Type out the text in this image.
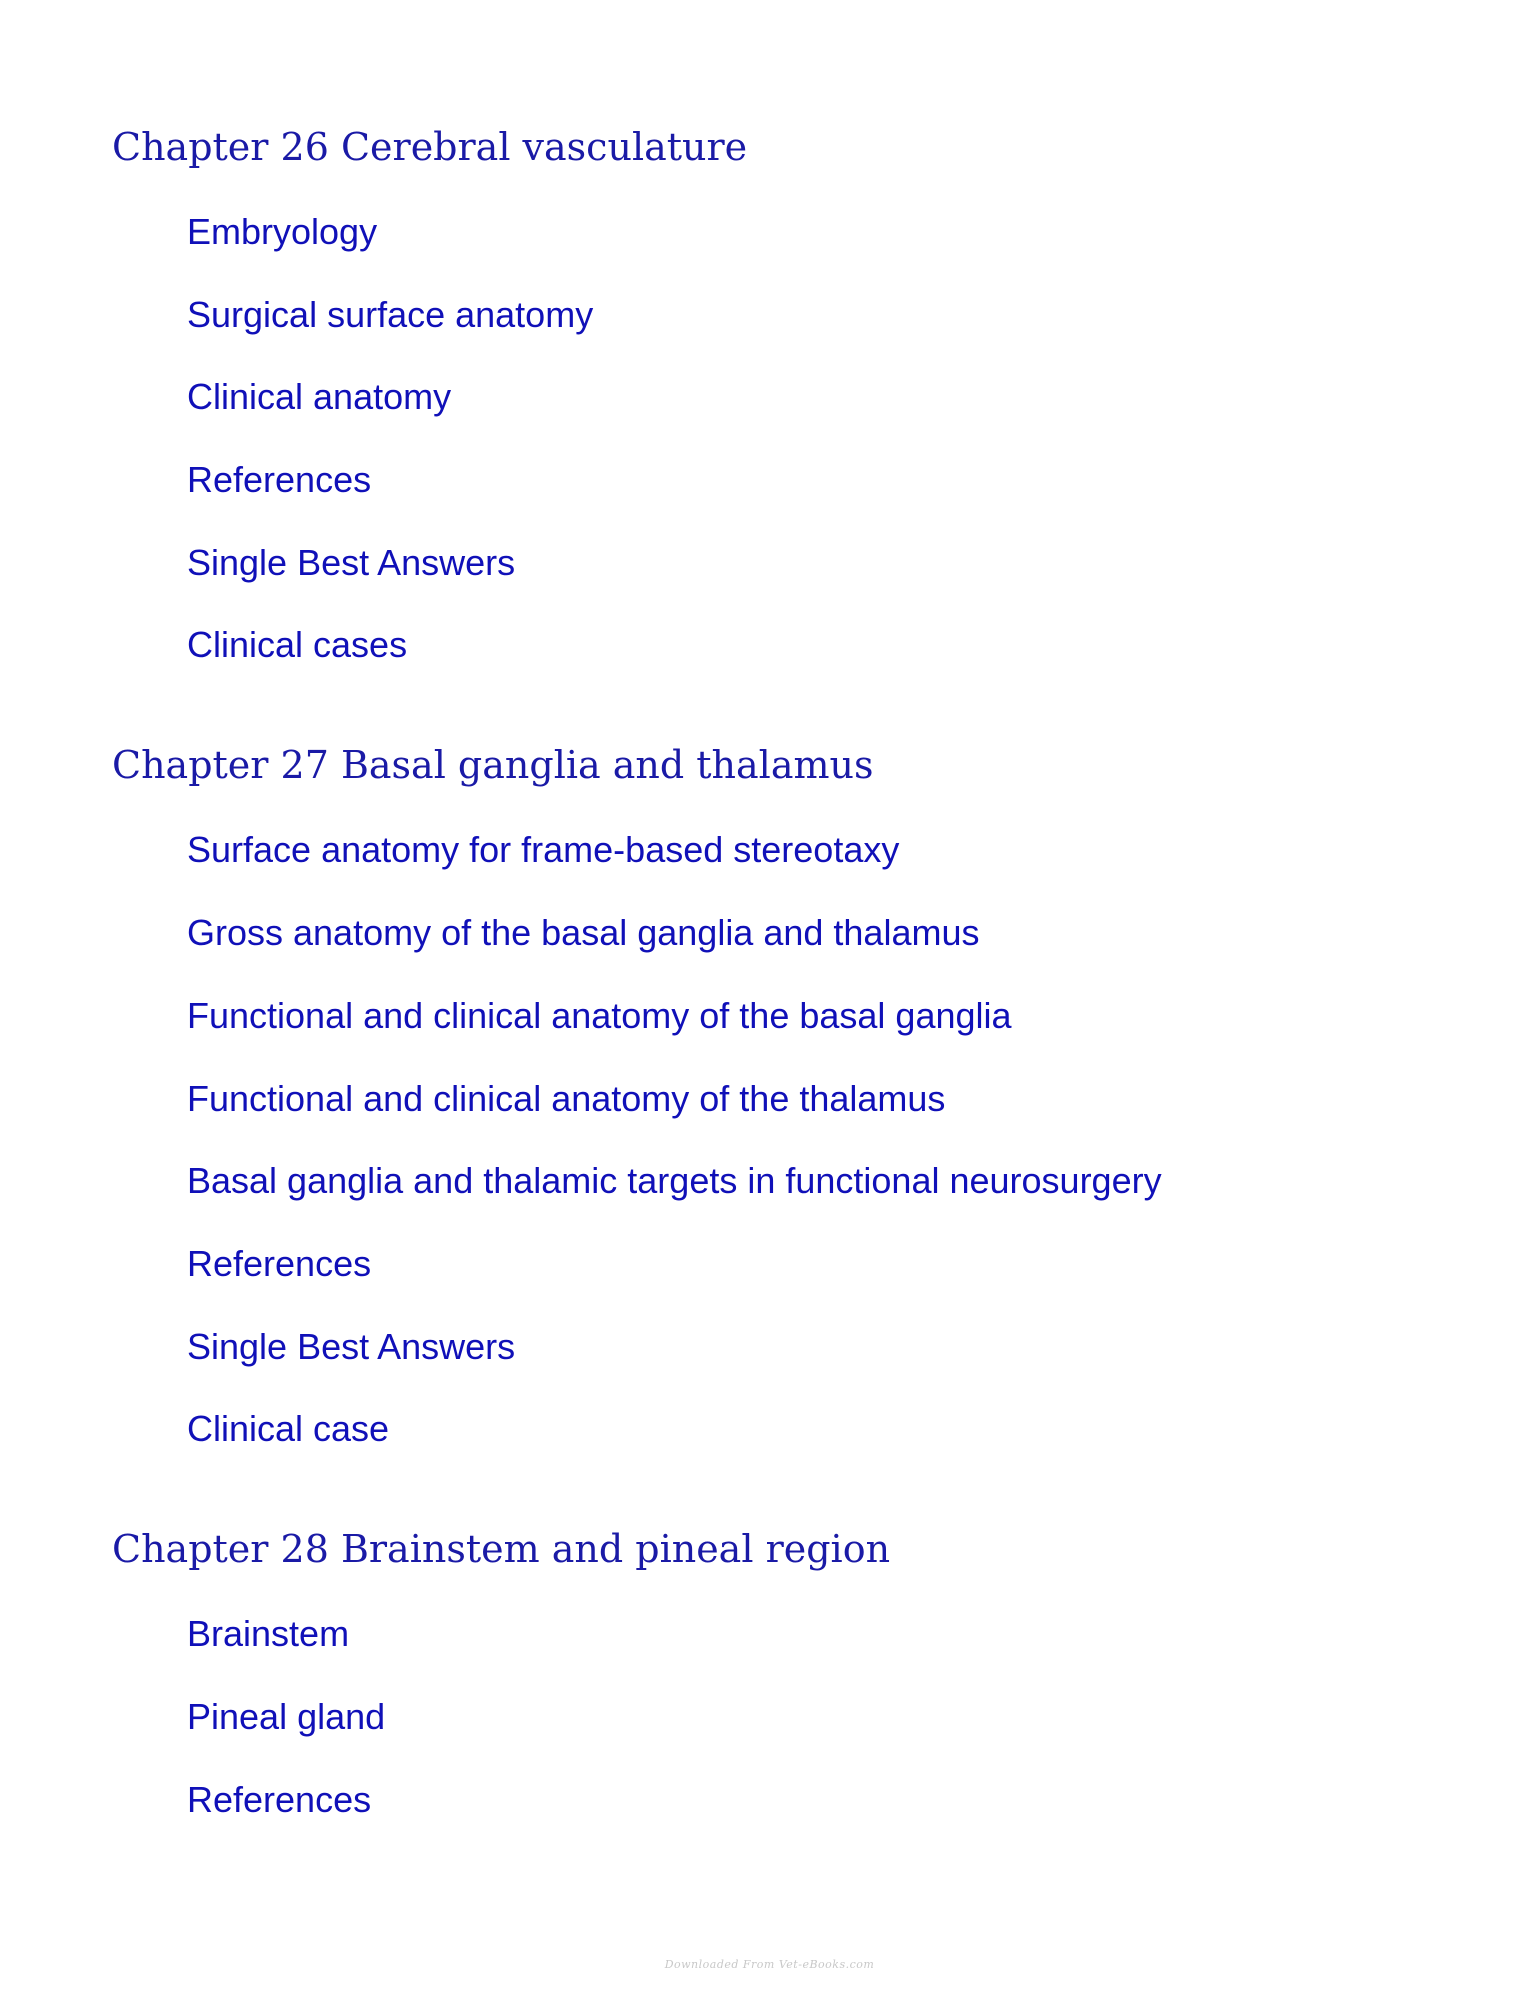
Chapter 26 Cerebral vasculature
Embryology
Surgical surface anatomy
Clinical anatomy
References
Single Best Answers
Clinical cases
Chapter 27 Basal ganglia and thalamus
Surface anatomy for frame-based stereotaxy
Gross anatomy of the basal ganglia and thalamus
Functional and clinical anatomy of the basal ganglia
Functional and clinical anatomy of the thalamus
Basal ganglia and thalamic targets in functional neurosurgery
References
Single Best Answers
Clinical case
Chapter 28 Brainstem and pineal region
Brainstem
Pineal gland
References
Downloaded From Vet-eBooks.com
